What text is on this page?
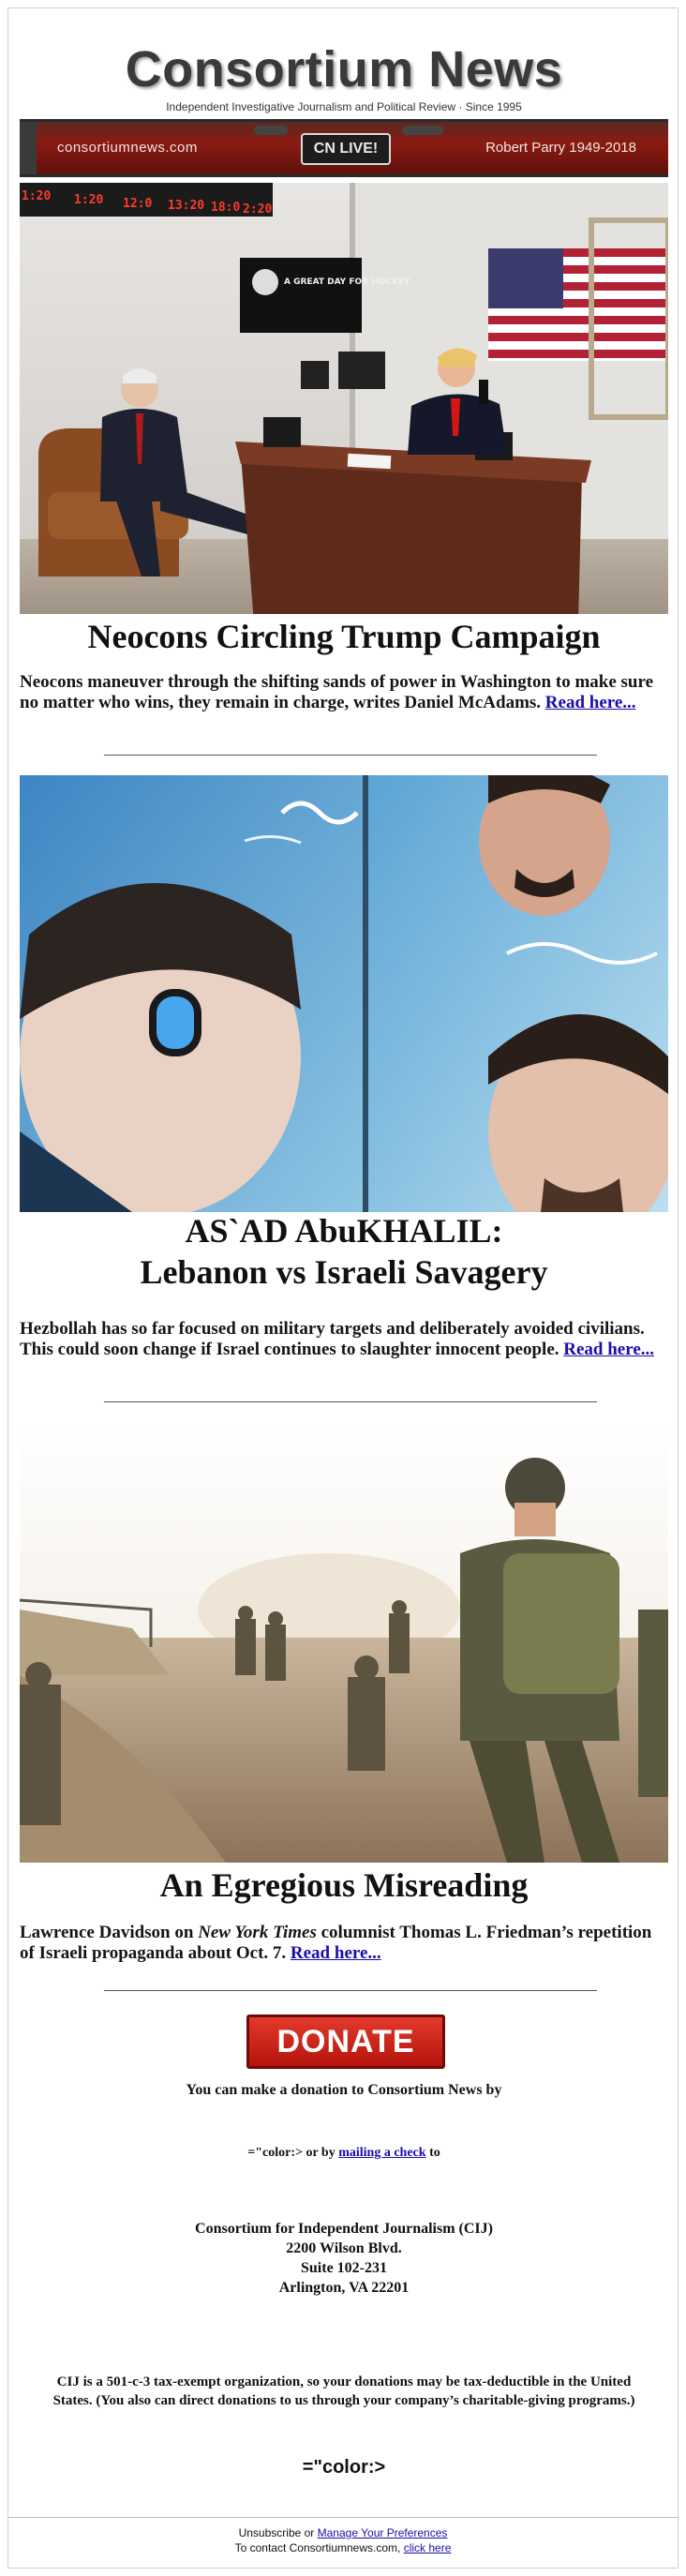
Consortium News
Independent Investigative Journalism and Political Review · Since 1995
consortiumnews.com	CN LIVE!	Robert Parry 1949-2018
1:20 1:20 12:0 13:20 18:0 2:20
A GREAT DAY FOR HOCKEY
Neocons Circling Trump Campaign

Neocons maneuver through the shifting sands of power in Washington to make sure no matter who wins, they remain in charge, writes Daniel McAdams. Read here...

AS`AD AbuKHALIL:
Lebanon vs Israeli Savagery

Hezbollah has so far focused on military targets and deliberately avoided civilians. This could soon change if Israel continues to slaughter innocent people. Read here...

An Egregious Misreading

Lawrence Davidson on New York Times columnist Thomas L. Friedman’s repetition of Israeli propaganda about Oct. 7. Read here...

DONATE

You can make a donation to Consortium News by

="color:> or by mailing a check to

Consortium for Independent Journalism (CIJ)
2200 Wilson Blvd.
Suite 102-231
Arlington, VA 22201

CIJ is a 501-c-3 tax-exempt organization, so your donations may be tax-deductible in the United States. (You also can direct donations to us through your company’s charitable-giving programs.)

="color:>

Unsubscribe or Manage Your Preferences
To contact Consortiumnews.com, click here
